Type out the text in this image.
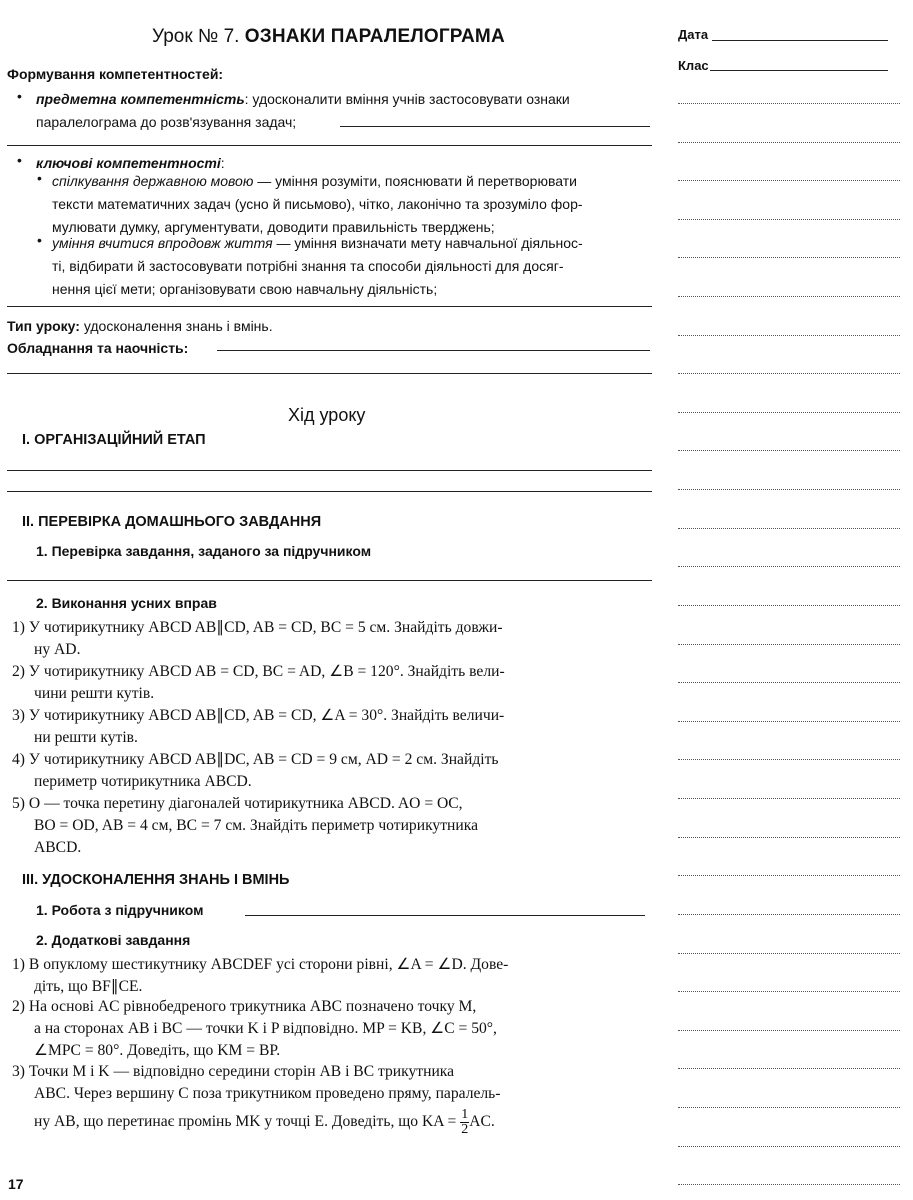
Урок № 7. ОЗНАКИ ПАРАЛЕЛОГРАМА	Дата
Клас
Формування компетентностей:
• предметна компетентність: удосконалити вміння учнів застосовувати ознаки
паралелограма до розв'язування задач;
• ключові компетентності:
• спілкування державною мовою — уміння розуміти, пояснювати й перетворювати
тексти математичних задач (усно й письмово), чітко, лаконічно та зрозуміло фор-
мулювати думку, аргументувати, доводити правильність тверджень;
• уміння вчитися впродовж життя — уміння визначати мету навчальної діяльнос-
ті, відбирати й застосовувати потрібні знання та способи діяльності для досяг-
нення цієї мети; організовувати свою навчальну діяльність;
Тип уроку: удосконалення знань і вмінь.
Обладнання та наочність:
Хід уроку
I. ОРГАНІЗАЦІЙНИЙ ЕТАП
II. ПЕРЕВІРКА ДОМАШНЬОГО ЗАВДАННЯ
1. Перевірка завдання, заданого за підручником
2. Виконання усних вправ
1) У чотирикутнику ABCD AB∥CD, AB = CD, BC = 5 см. Знайдіть довжи-
ну AD.
2) У чотирикутнику ABCD AB = CD, BC = AD, ∠B = 120°. Знайдіть вели-
чини решти кутів.
3) У чотирикутнику ABCD AB∥CD, AB = CD, ∠A = 30°. Знайдіть величи-
ни решти кутів.
4) У чотирикутнику ABCD AB∥DC, AB = CD = 9 см, AD = 2 см. Знайдіть
периметр чотирикутника ABCD.
5) O — точка перетину діагоналей чотирикутника ABCD. AO = OC,
BO = OD, AB = 4 см, BC = 7 см. Знайдіть периметр чотирикутника
ABCD.
III. УДОСКОНАЛЕННЯ ЗНАНЬ І ВМІНЬ
1. Робота з підручником
2. Додаткові завдання
1) В опуклому шестикутнику ABCDEF усі сторони рівні, ∠A = ∠D. Дове-
діть, що BF∥CE.
2) На основі AC рівнобедреного трикутника ABC позначено точку M,
а на сторонах AB і BC — точки K і P відповідно. MP = KB, ∠C = 50°,
∠MPC = 80°. Доведіть, що KM = BP.
3) Точки M і K — відповідно середини сторін AB і BC трикутника
ABC. Через вершину C поза трикутником проведено пряму, паралель-
ну AB, що перетинає промінь MK у точці E. Доведіть, що KA = $\frac{1}{2}$ AC.
17
